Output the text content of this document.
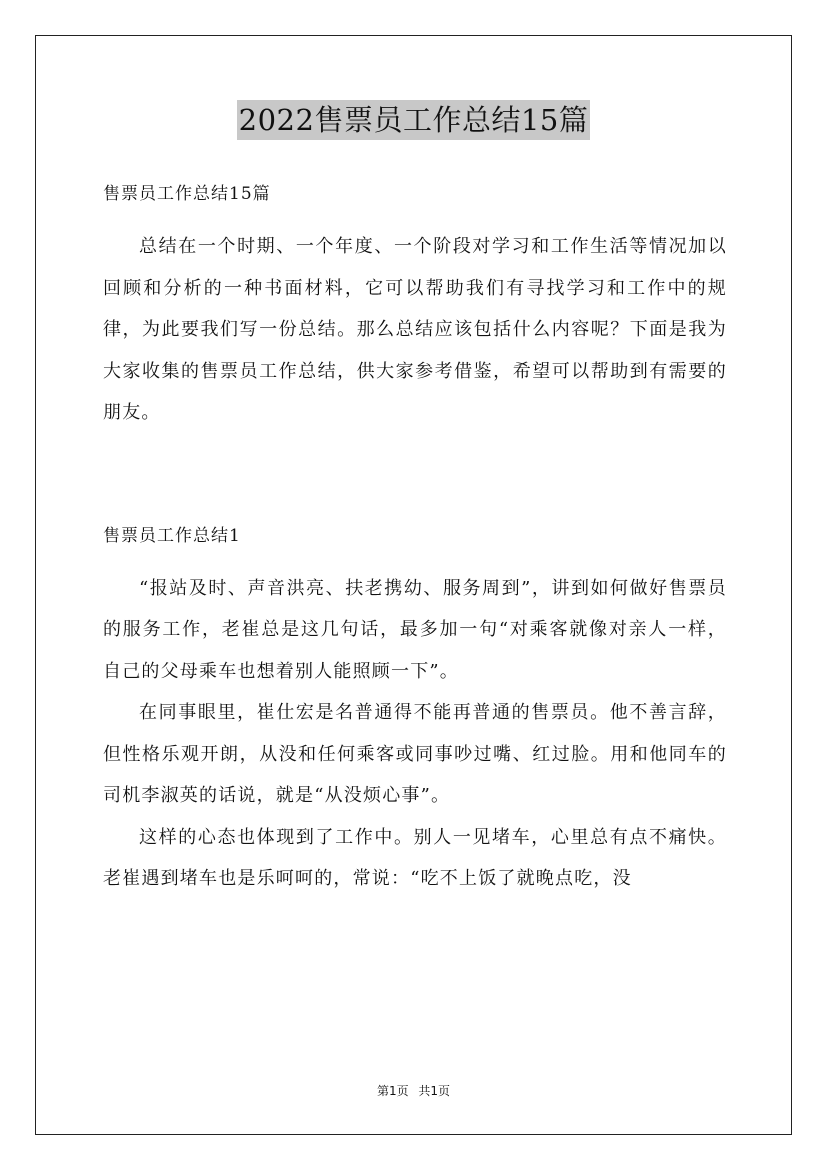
2022售票员工作总结15篇

售票员工作总结15篇

总结在一个时期、一个年度、一个阶段对学习和工作生活等情况加以回顾和分析的一种书面材料，它可以帮助我们有寻找学习和工作中的规律，为此要我们写一份总结。那么总结应该包括什么内容呢？下面是我为大家收集的售票员工作总结，供大家参考借鉴，希望可以帮助到有需要的朋友。

售票员工作总结1

“报站及时、声音洪亮、扶老携幼、服务周到”，讲到如何做好售票员的服务工作，老崔总是这几句话，最多加一句“对乘客就像对亲人一样，自己的父母乘车也想着别人能照顾一下”。

在同事眼里，崔仕宏是名普通得不能再普通的售票员。他不善言辞，但性格乐观开朗，从没和任何乘客或同事吵过嘴、红过脸。用和他同车的司机李淑英的话说，就是“从没烦心事”。

这样的心态也体现到了工作中。别人一见堵车，心里总有点不痛快。老崔遇到堵车也是乐呵呵的，常说：“吃不上饭了就晚点吃，没

第1页 共1页
